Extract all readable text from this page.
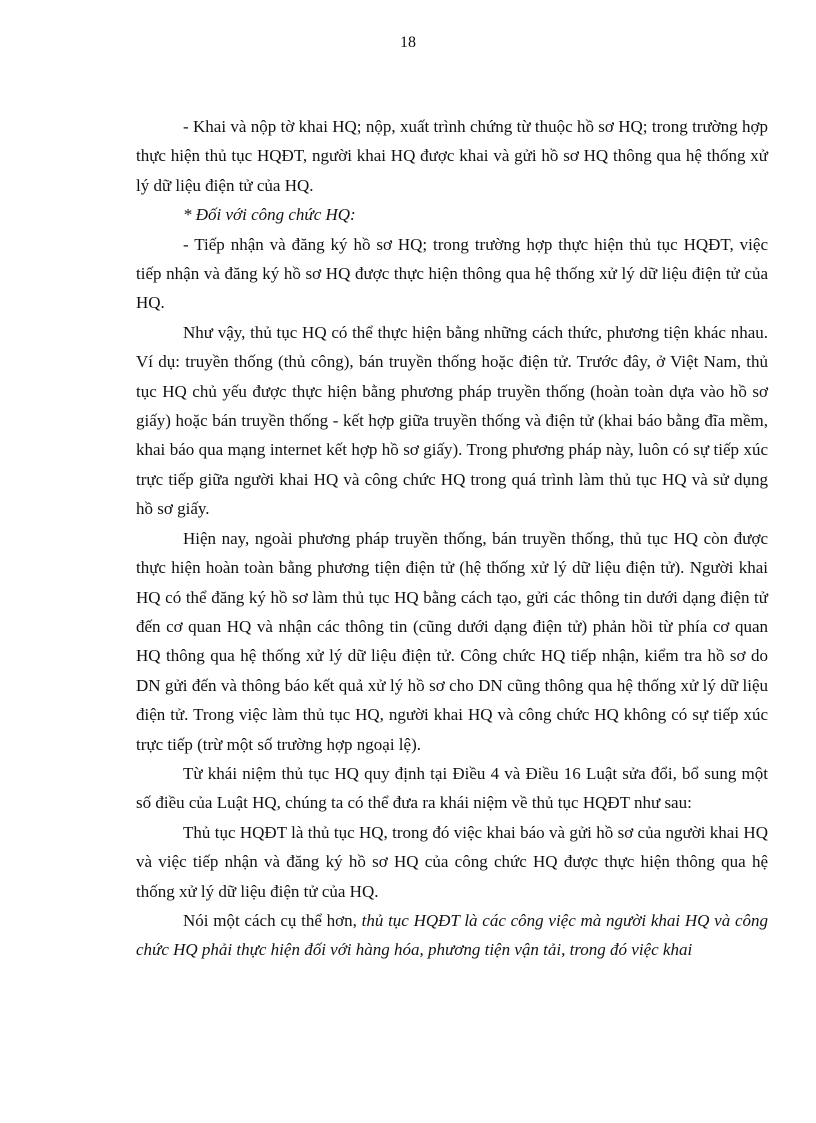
18

- Khai và nộp tờ khai HQ; nộp, xuất trình chứng từ thuộc hồ sơ HQ; trong trường hợp thực hiện thủ tục HQĐT, người khai HQ được khai và gửi hồ sơ HQ thông qua hệ thống xử lý dữ liệu điện tử của HQ.

* Đối với công chức HQ:

- Tiếp nhận và đăng ký hồ sơ HQ; trong trường hợp thực hiện thủ tục HQĐT, việc tiếp nhận và đăng ký hồ sơ HQ được thực hiện thông qua hệ thống xử lý dữ liệu điện tử của HQ.

Như vậy, thủ tục HQ có thể thực hiện bằng những cách thức, phương tiện khác nhau. Ví dụ: truyền thống (thủ công), bán truyền thống hoặc điện tử. Trước đây, ở Việt Nam, thủ tục HQ chủ yếu được thực hiện bằng phương pháp truyền thống (hoàn toàn dựa vào hồ sơ giấy) hoặc bán truyền thống - kết hợp giữa truyền thống và điện tử (khai báo bằng đĩa mềm, khai báo qua mạng internet kết hợp hồ sơ giấy). Trong phương pháp này, luôn có sự tiếp xúc trực tiếp giữa người khai HQ và công chức HQ trong quá trình làm thủ tục HQ và sử dụng hồ sơ giấy.

Hiện nay, ngoài phương pháp truyền thống, bán truyền thống, thủ tục HQ còn được thực hiện hoàn toàn bằng phương tiện điện tử (hệ thống xử lý dữ liệu điện tử). Người khai HQ có thể đăng ký hồ sơ làm thủ tục HQ bằng cách tạo, gửi các thông tin dưới dạng điện tử đến cơ quan HQ và nhận các thông tin (cũng dưới dạng điện tử) phản hồi từ phía cơ quan HQ thông qua hệ thống xử lý dữ liệu điện tử. Công chức HQ tiếp nhận, kiểm tra hồ sơ do DN gửi đến và thông báo kết quả xử lý hồ sơ cho DN cũng thông qua hệ thống xử lý dữ liệu điện tử. Trong việc làm thủ tục HQ, người khai HQ và công chức HQ không có sự tiếp xúc trực tiếp (trừ một số trường hợp ngoại lệ).

Từ khái niệm thủ tục HQ quy định tại Điều 4 và Điều 16 Luật sửa đổi, bổ sung một số điều của Luật HQ, chúng ta có thể đưa ra khái niệm về thủ tục HQĐT như sau:

Thủ tục HQĐT là thủ tục HQ, trong đó việc khai báo và gửi hồ sơ của người khai HQ và việc tiếp nhận và đăng ký hồ sơ HQ của công chức HQ được thực hiện thông qua hệ thống xử lý dữ liệu điện tử của HQ.

Nói một cách cụ thể hơn, thủ tục HQĐT là các công việc mà người khai HQ và công chức HQ phải thực hiện đối với hàng hóa, phương tiện vận tải, trong đó việc khai
